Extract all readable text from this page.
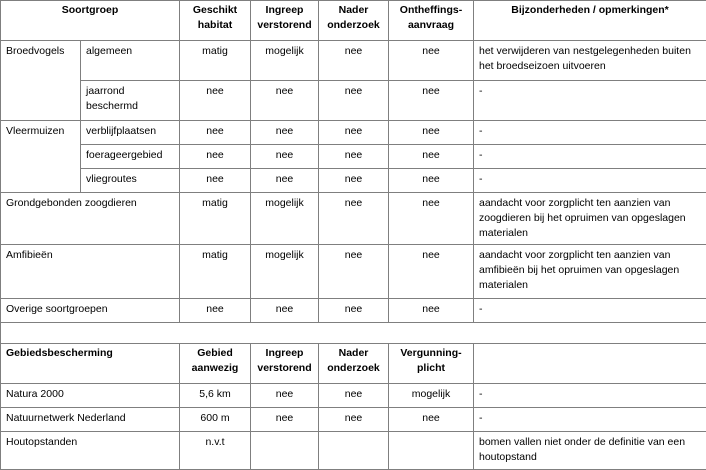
Soortgroep		Geschikt habitat	Ingreep verstorend	Nader onderzoek	Ontheffings-aanvraag	Bijzonderheden / opmerkingen*
Broedvogels	algemeen	matig	mogelijk	nee	nee	het verwijderen van nestgelegenheden buiten het broedseizoen uitvoeren
	jaarrond beschermd	nee	nee	nee	nee	-
Vleermuizen	verblijfplaatsen	nee	nee	nee	nee	-
	foerageergebied	nee	nee	nee	nee	-
	vliegroutes	nee	nee	nee	nee	-
Grondgebonden zoogdieren		matig	mogelijk	nee	nee	aandacht voor zorgplicht ten aanzien van zoogdieren bij het opruimen van opgeslagen materialen
Amfibieën		matig	mogelijk	nee	nee	aandacht voor zorgplicht ten aanzien van amfibieën bij het opruimen van opgeslagen materialen
Overige soortgroepen		nee	nee	nee	nee	-

Gebiedsbescherming		Gebied aanwezig	Ingreep verstorend	Nader onderzoek	Vergunning-plicht	
Natura 2000		5,6 km	nee	nee	mogelijk	-
Natuurnetwerk Nederland		600 m	nee	nee	nee	-
Houtopstanden		n.v.t				bomen vallen niet onder de definitie van een houtopstand
